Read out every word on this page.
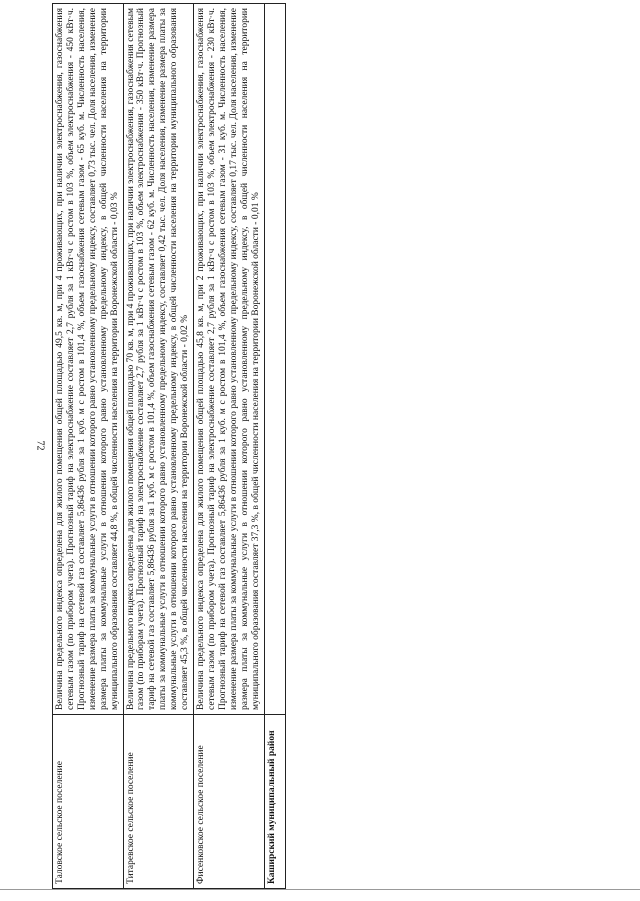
72
Таловское сельское поселение	Величина предельного индекса определена для жилого помещения общей площадью 49,5 кв. м, при 4 проживающих, при наличии электроснабжения, газоснабжения сетевым газом (по прибором учета). Прогнозный тариф на электроснабжение составляет 2,7 рубля за 1 кВт·ч с ростом в 103 %, объем электроснабжения - 450 кВт·ч. Прогнозный тариф на сетевой газ составляет 5,86436 рубля за 1 куб. м с ростом в 101,4 %, объем газоснабжения сетевым газом - 65 куб. м. Численность населения, изменение размера платы за коммунальные услуги в отношении которого равно установленному предельному индексу, составляет 0,73 тыс. чел. Доля населения, изменение размера платы за коммунальные услуги в отношении которого равно установленному предельному индексу, в общей численности населения на территории муниципального образования составляет 44,8 %, в общей численности населения на территории Воронежской области - 0,03 %
Титаревское сельское поселение	Величина предельного индекса определена для жилого помещения общей площадью 70 кв. м, при 4 проживающих, при наличии электроснабжения, газоснабжения сетевым газом (по приборам учета). Прогнозный тариф на электроснабжение составляет 2,7 рубля за 1 кВт·ч с ростом в 103 %, объем электроснабжения - 350 кВт·ч. Прогнозный тариф на сетевой газ составляет 5,86436 рубля за 1 куб. м с ростом в 101,4 %, объем газоснабжения сетевым газом - 62 куб. м. Численность населения, изменение размера платы за коммунальные услуги в отношении которого равно установленному предельному индексу, составляет 0,42 тыс. чел. Доля населения, изменение размера платы за коммунальные услуги в отношении которого равно установленному предельному индексу, в общей численности населения на территории муниципального образования составляет 45,3 %, в общей численности населения на территории Воронежской области - 0,02 %
Фисенковское сельское поселение	Величина предельного индекса определена для жилого помещения общей площадью 45,8 кв. м, при 2 проживающих, при наличии электроснабжения, газоснабжения сетевым газом (по прибором учета). Прогнозный тариф на электроснабжение составляет 2,7 рубля за 1 кВт·ч с ростом в 103 %, объем электроснабжения - 230 кВт·ч. Прогнозный тариф на сетевой газ составляет 5,86436 рубля за 1 куб. м с ростом в 101,4 %, объем газоснабжения сетевым газом - 31 куб. м. Численность населения, изменение размера платы за коммунальные услуги в отношении которого равно установленному предельному индексу, составляет 0,17 тыс. чел. Доля населения, изменение размера платы за коммунальные услуги в отношении которого равно установленному предельному индексу, в общей численности населения на территории муниципального образования составляет 37,3 %, в общей численности населения на территории Воронежской области - 0,01 %
Каширский муниципальный район	
